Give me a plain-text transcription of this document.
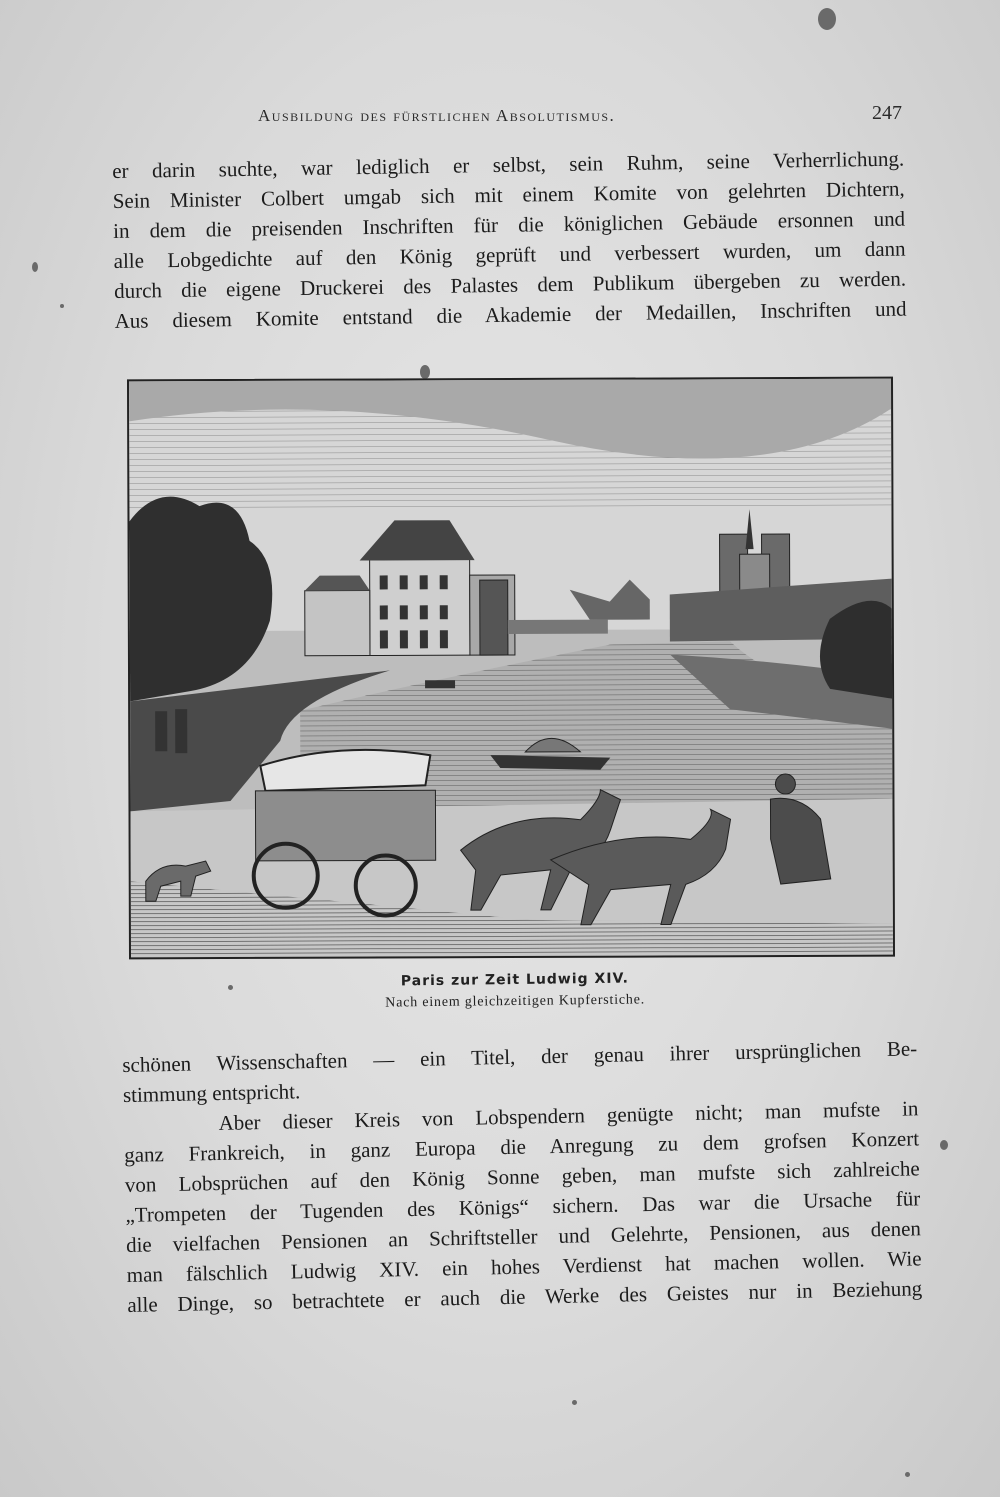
Ausbildung des fürstlichen Absolutismus.	247
er darin suchte, war lediglich er selbst, sein Ruhm, seine Verherrlichung.
Sein Minister Colbert umgab sich mit einem Komite von gelehrten Dichtern,
in dem die preisenden Inschriften für die königlichen Gebäude ersonnen und
alle Lobgedichte auf den König geprüft und verbessert wurden, um dann
durch die eigene Druckerei des Palastes dem Publikum übergeben zu werden.
Aus diesem Komite entstand die Akademie der Medaillen, Inschriften und
Paris zur Zeit Ludwig XIV.
Nach einem gleichzeitigen Kupferstiche.
schönen Wissenschaften — ein Titel, der genau ihrer ursprünglichen Be-
stimmung entspricht.
Aber dieser Kreis von Lobspendern genügte nicht; man mufste in
ganz Frankreich, in ganz Europa die Anregung zu dem grofsen Konzert
von Lobsprüchen auf den König Sonne geben, man mufste sich zahlreiche
„Trompeten der Tugenden des Königs“ sichern. Das war die Ursache für
die vielfachen Pensionen an Schriftsteller und Gelehrte, Pensionen, aus denen
man fälschlich Ludwig XIV. ein hohes Verdienst hat machen wollen. Wie
alle Dinge, so betrachtete er auch die Werke des Geistes nur in Beziehung
